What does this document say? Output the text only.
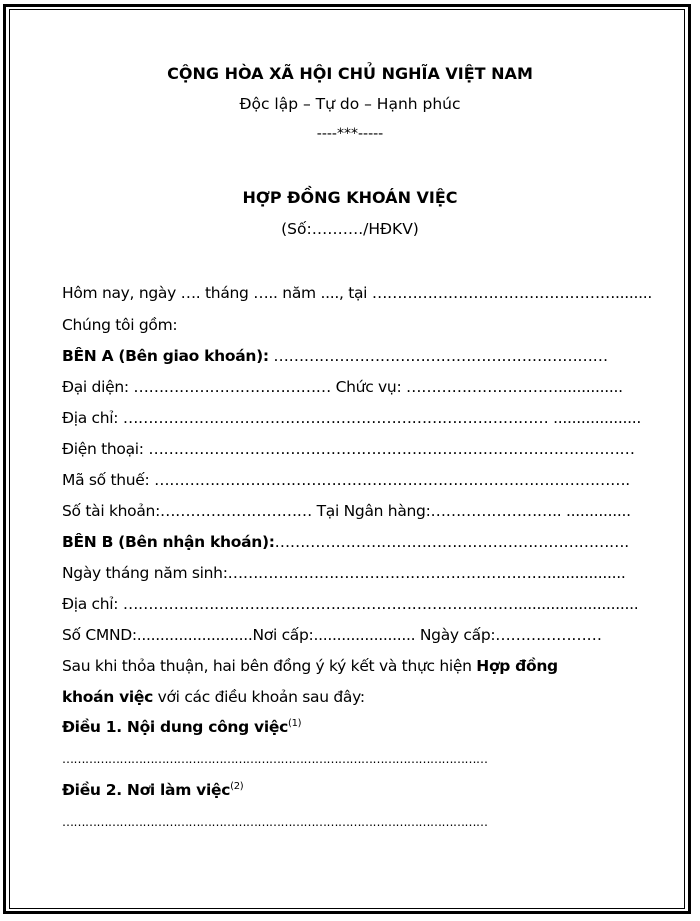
CỘNG HÒA XÃ HỘI CHỦ NGHĨA VIỆT NAM
Độc lập – Tự do – Hạnh phúc
----***-----
HỢP ĐỒNG KHOÁN VIỆC
(Số:………./HĐKV)
Hôm nay, ngày …. tháng ….. năm ...., tại …………………………………………........
Chúng tôi gồm:
BÊN A (Bên giao khoán): …………………………………………………………
Đại diện: ………………………………… Chức vụ: …………………………..............
Địa chỉ: ………………………………………………………………………… ...................
Điện thoại: ……………………………………………………………………………………
Mã số thuế: ………………………………………………………………………………….
Số tài khoản:………………………… Tại Ngân hàng:…………………….. ..............
BÊN B (Bên nhận khoán):…………………………………………………………….
Ngày tháng năm sinh:……………………………………………………….................
Địa chỉ: ……………………………………………………………………..........................
Số CMND:.........................Nơi cấp:...................... Ngày cấp:…………………
Sau khi thỏa thuận, hai bên đồng ý ký kết và thực hiện Hợp đồng
khoán việc với các điều khoản sau đây:
Điều 1. Nội dung công việc$^{(1)}$
…………………………………………………………………………………………………
Điều 2. Nơi làm việc$^{(2)}$
…………………………………………………………………………………………………
